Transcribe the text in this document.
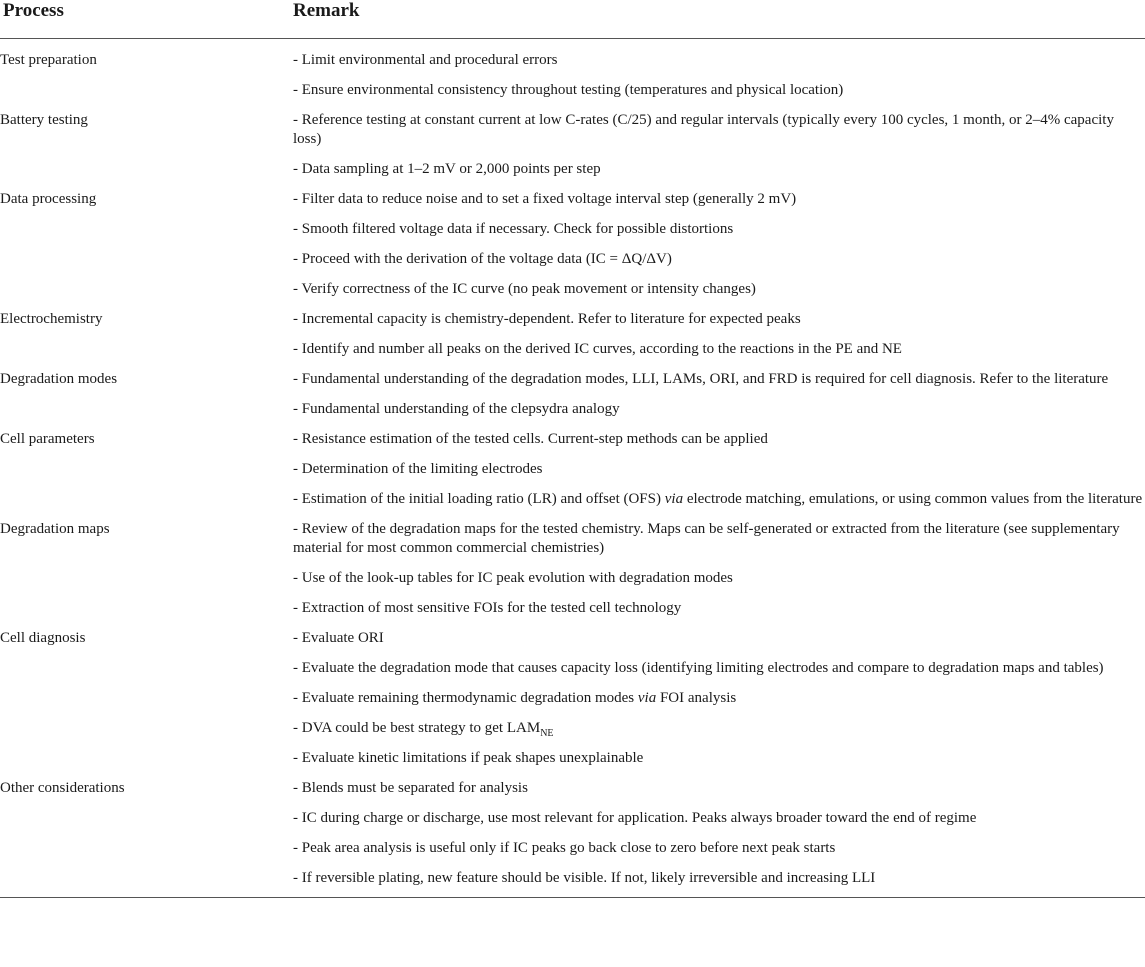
Process	Remark
Test preparation	- Limit environmental and procedural errors
	- Ensure environmental consistency throughout testing (temperatures and physical location)
Battery testing	- Reference testing at constant current at low C-rates (C/25) and regular intervals (typically every 100 cycles, 1 month, or 2–4% capacity loss)
	- Data sampling at 1–2 mV or 2,000 points per step
Data processing	- Filter data to reduce noise and to set a fixed voltage interval step (generally 2 mV)
	- Smooth filtered voltage data if necessary. Check for possible distortions
	- Proceed with the derivation of the voltage data (IC = ΔQ/ΔV)
	- Verify correctness of the IC curve (no peak movement or intensity changes)
Electrochemistry	- Incremental capacity is chemistry-dependent. Refer to literature for expected peaks
	- Identify and number all peaks on the derived IC curves, according to the reactions in the PE and NE
Degradation modes	- Fundamental understanding of the degradation modes, LLI, LAMs, ORI, and FRD is required for cell diagnosis. Refer to the literature
	- Fundamental understanding of the clepsydra analogy
Cell parameters	- Resistance estimation of the tested cells. Current-step methods can be applied
	- Determination of the limiting electrodes
	- Estimation of the initial loading ratio (LR) and offset (OFS) via electrode matching, emulations, or using common values from the literature
Degradation maps	- Review of the degradation maps for the tested chemistry. Maps can be self-generated or extracted from the literature (see supplementary material for most common commercial chemistries)
	- Use of the look-up tables for IC peak evolution with degradation modes
	- Extraction of most sensitive FOIs for the tested cell technology
Cell diagnosis	- Evaluate ORI
	- Evaluate the degradation mode that causes capacity loss (identifying limiting electrodes and compare to degradation maps and tables)
	- Evaluate remaining thermodynamic degradation modes via FOI analysis
	- DVA could be best strategy to get $LAM_{NE}$
	- Evaluate kinetic limitations if peak shapes unexplainable
Other considerations	- Blends must be separated for analysis
	- IC during charge or discharge, use most relevant for application. Peaks always broader toward the end of regime
	- Peak area analysis is useful only if IC peaks go back close to zero before next peak starts
	- If reversible plating, new feature should be visible. If not, likely irreversible and increasing LLI
